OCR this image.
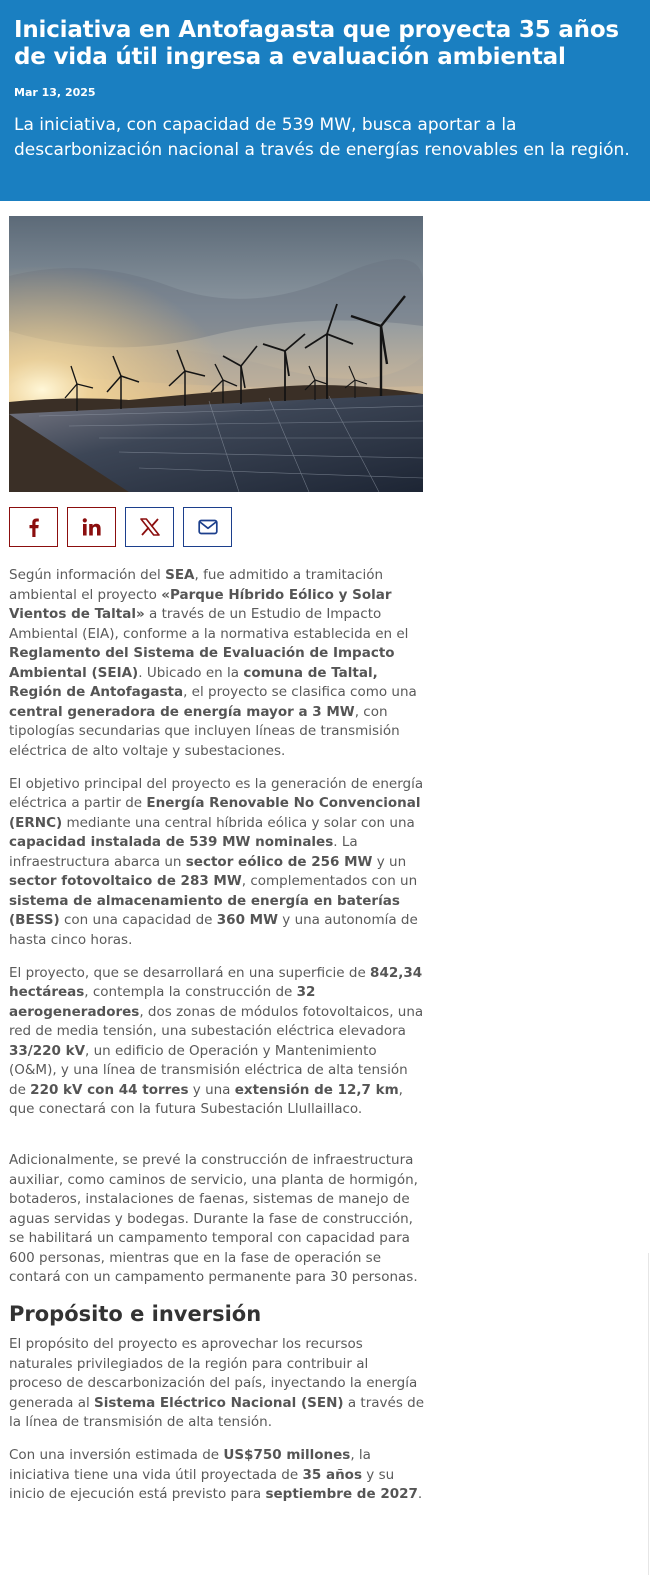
Iniciativa en Antofagasta que proyecta 35 años de vida útil ingresa a evaluación ambiental
Mar 13, 2025
La iniciativa, con capacidad de 539 MW, busca aportar a la descarbonización nacional a través de energías renovables en la región.

Según información del SEA, fue admitido a tramitación ambiental el proyecto «Parque Híbrido Eólico y Solar Vientos de Taltal» a través de un Estudio de Impacto Ambiental (EIA), conforme a la normativa establecida en el Reglamento del Sistema de Evaluación de Impacto Ambiental (SEIA). Ubicado en la comuna de Taltal, Región de Antofagasta, el proyecto se clasifica como una central generadora de energía mayor a 3 MW, con tipologías secundarias que incluyen líneas de transmisión eléctrica de alto voltaje y subestaciones.

El objetivo principal del proyecto es la generación de energía eléctrica a partir de Energía Renovable No Convencional (ERNC) mediante una central híbrida eólica y solar con una capacidad instalada de 539 MW nominales. La infraestructura abarca un sector eólico de 256 MW y un sector fotovoltaico de 283 MW, complementados con un sistema de almacenamiento de energía en baterías (BESS) con una capacidad de 360 MW y una autonomía de hasta cinco horas.

El proyecto, que se desarrollará en una superficie de 842,34 hectáreas, contempla la construcción de 32 aerogeneradores, dos zonas de módulos fotovoltaicos, una red de media tensión, una subestación eléctrica elevadora 33/220 kV, un edificio de Operación y Mantenimiento (O&M), y una línea de transmisión eléctrica de alta tensión de 220 kV con 44 torres y una extensión de 12,7 km, que conectará con la futura Subestación Llullaillaco.

Adicionalmente, se prevé la construcción de infraestructura auxiliar, como caminos de servicio, una planta de hormigón, botaderos, instalaciones de faenas, sistemas de manejo de aguas servidas y bodegas. Durante la fase de construcción, se habilitará un campamento temporal con capacidad para 600 personas, mientras que en la fase de operación se contará con un campamento permanente para 30 personas.

Propósito e inversión

El propósito del proyecto es aprovechar los recursos naturales privilegiados de la región para contribuir al proceso de descarbonización del país, inyectando la energía generada al Sistema Eléctrico Nacional (SEN) a través de la línea de transmisión de alta tensión.

Con una inversión estimada de US$750 millones, la iniciativa tiene una vida útil proyectada de 35 años y su inicio de ejecución está previsto para septiembre de 2027.
